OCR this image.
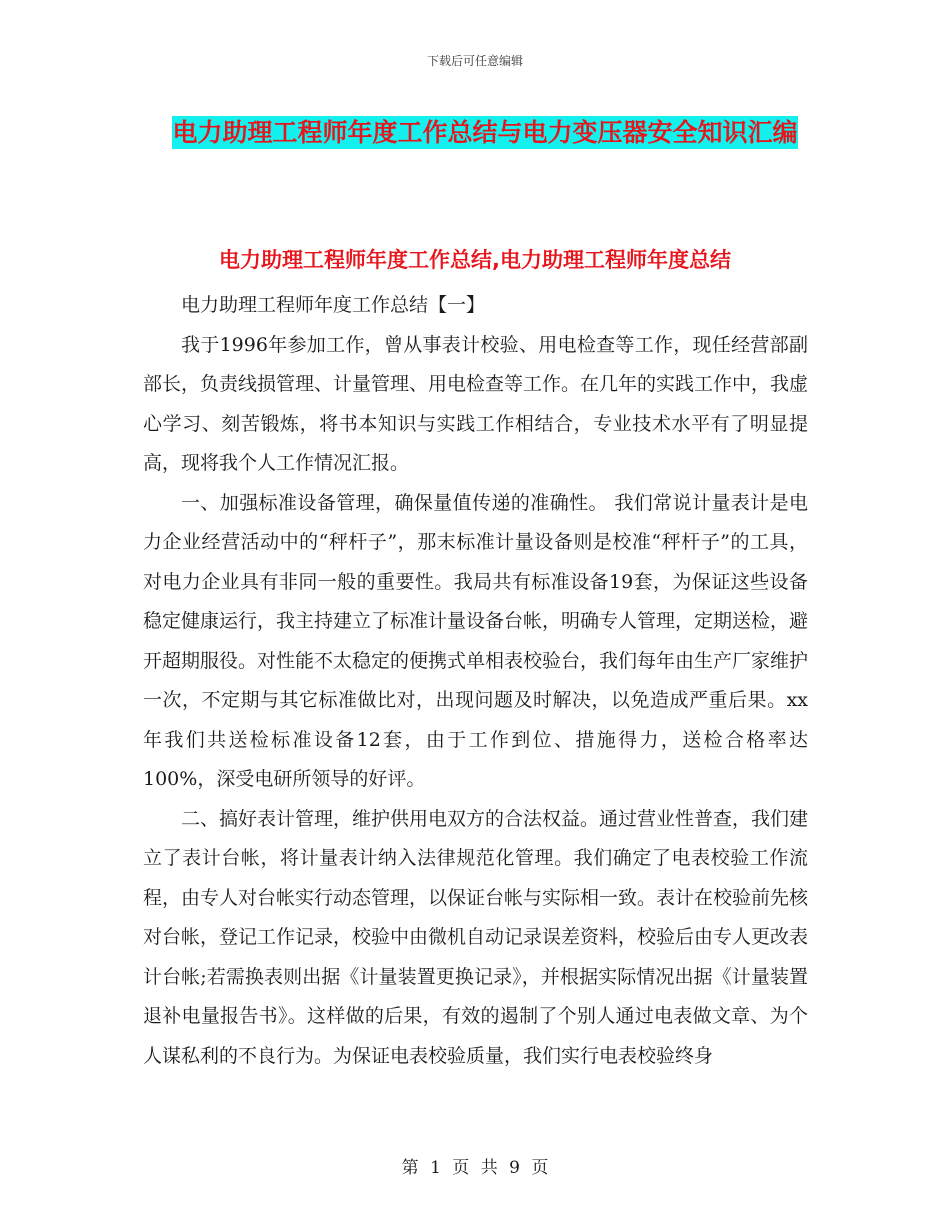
下载后可任意编辑
电力助理工程师年度工作总结与电力变压器安全知识汇编
电力助理工程师年度工作总结,电力助理工程师年度总结

电力助理工程师年度工作总结【一】

我于1996年参加工作，曾从事表计校验、用电检查等工作，现任经营部副部长，负责线损管理、计量管理、用电检查等工作。在几年的实践工作中，我虚心学习、刻苦锻炼，将书本知识与实践工作相结合，专业技术水平有了明显提高，现将我个人工作情况汇报。

一、加强标准设备管理，确保量值传递的准确性。 我们常说计量表计是电力企业经营活动中的“秤杆子”，那末标准计量设备则是校准“秤杆子”的工具，对电力企业具有非同一般的重要性。我局共有标准设备19套，为保证这些设备稳定健康运行，我主持建立了标准计量设备台帐，明确专人管理，定期送检，避开超期服役。对性能不太稳定的便携式单相表校验台，我们每年由生产厂家维护一次，不定期与其它标准做比对，出现问题及时解决，以免造成严重后果。xx年我们共送检标准设备12套，由于工作到位、措施得力，送检合格率达100%，深受电研所领导的好评。

二、搞好表计管理，维护供用电双方的合法权益。通过营业性普查，我们建立了表计台帐，将计量表计纳入法律规范化管理。我们确定了电表校验工作流程，由专人对台帐实行动态管理，以保证台帐与实际相一致。表计在校验前先核对台帐，登记工作记录，校验中由微机自动记录误差资料，校验后由专人更改表计台帐;若需换表则出据《计量装置更换记录》，并根据实际情况出据《计量装置退补电量报告书》。这样做的后果，有效的遏制了个别人通过电表做文章、为个人谋私利的不良行为。为保证电表校验质量，我们实行电表校验终身

第 1 页 共 9 页
